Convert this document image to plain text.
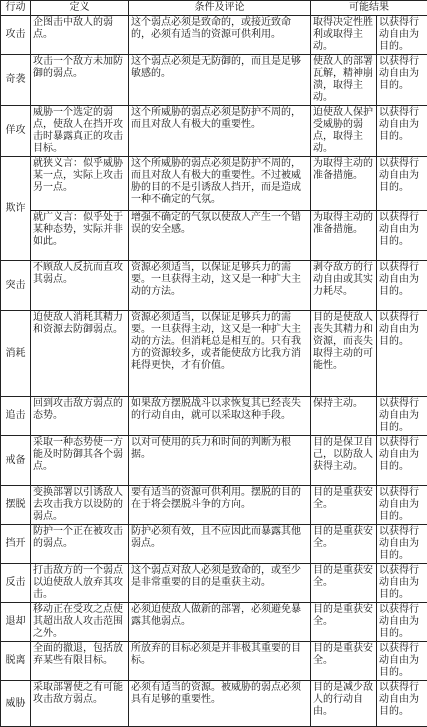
行动	定义	条件及评论	可能结果	
攻击	企图击中敌人的弱点。	这个弱点必须是致命的，或接近致命的，必须有适当的资源可供利用。	取得决定性胜利或取得主动。	以获得行动自由为目的。
奇袭	攻击一个敌方未加防御的弱点。	这个弱点必须是无防御的，而且是足够敏感的。	使敌人的部署瓦解，精神崩溃，取得主动。	以获得行动自由为目的。
佯攻	威胁一个选定的弱点，使敌人在挡开攻击时暴露真正的攻击目标。	这个所威胁的弱点必须是防护不周的，而且对敌人有极大的重要性。	迫使敌人保护受威胁的弱点，取得主动。	以获得行动自由为目的。
欺诈	就狭义言：似乎威胁某一点，实际上攻击另一点。	这个所威胁的弱点必须是防护不周的，而且对敌人有极大的重要性。不过被威胁的目的不是引诱敌人挡开，而是造成一种不确定的气氛。	为取得主动的准备措施。	以获得行动自由为目的。
	就广义言：似乎处于某种态势，实际并非如此。	增强不确定的气氛以使敌人产生一个错误的安全感。	为取得主动的准备措施。	以获得行动自由为目的。
突击	不顾敌人反抗而直攻其弱点。	资源必须适当，以保证足够兵力的需要。一旦获得主动，这又是一种扩大主动的方法。	剥夺敌方的行动自由或其实力耗尽。	以获得行动自由为目的。
消耗	迫使敌人消耗其精力和资源去防御弱点。	资源必须适当，以保证足够兵力的需要。一旦获得主动，这又是一种扩大主动的方法。但消耗总是相互的。只有我方的资源较多，或者能使敌方比我方消耗得更快，才有价值。	目的是使敌人丧失其精力和资源，而丧失取得主动的可能性。	以获得行动自由为目的。
追击	回到攻击敌方弱点的态势。	如果敌方摆脱战斗以求恢复其已经丧失的行动自由，就可以采取这种手段。	保持主动。	以获得行动自由为目的。
戒备	采取一种态势使一方能及时防御其各个弱点。	以对可使用的兵力和时间的判断为根据。	目的是保卫自己，以防敌人获得主动。	以获得行动自由为目的。
摆脱	变换部署以引诱敌人去攻击我方以设防的弱点。	要有适当的资源可供利用。摆脱的目的在于将会摆脱斗争的方向。	目的是重获安全。	以获得行动自由为目的。
挡开	防护一个正在被攻击的弱点。	防护必须有效，且不应因此而暴露其他弱点。	目的是重获安全。	以获得行动自由为目的。
反击	打击敌方的一个弱点以迫使敌人放弃其攻击。	这个弱点对敌人必须是致命的，或至少是非常重要的目的是重获主动。	目的是重获安全。	以获得行动自由为目的。
退却	移动正在受攻之点使其超出敌人攻击范围之外。	必须迫使敌人做新的部署，必须避免暴露其他弱点。	目的是重获安全。	以获得行动自由为目的。
脱离	全面的撤退，包括放弃某些有限目标。	所放弃的目标必须是并非极其重要的目标。	目的是重获安全。	以获得行动自由为目的。
威胁	采取部署使之有可能攻击敌方弱点。	必须有适当的资源。被威胁的弱点必须具有足够的重要性。	目的是减少敌人的行动自由。	以获得行动自由为目的。
